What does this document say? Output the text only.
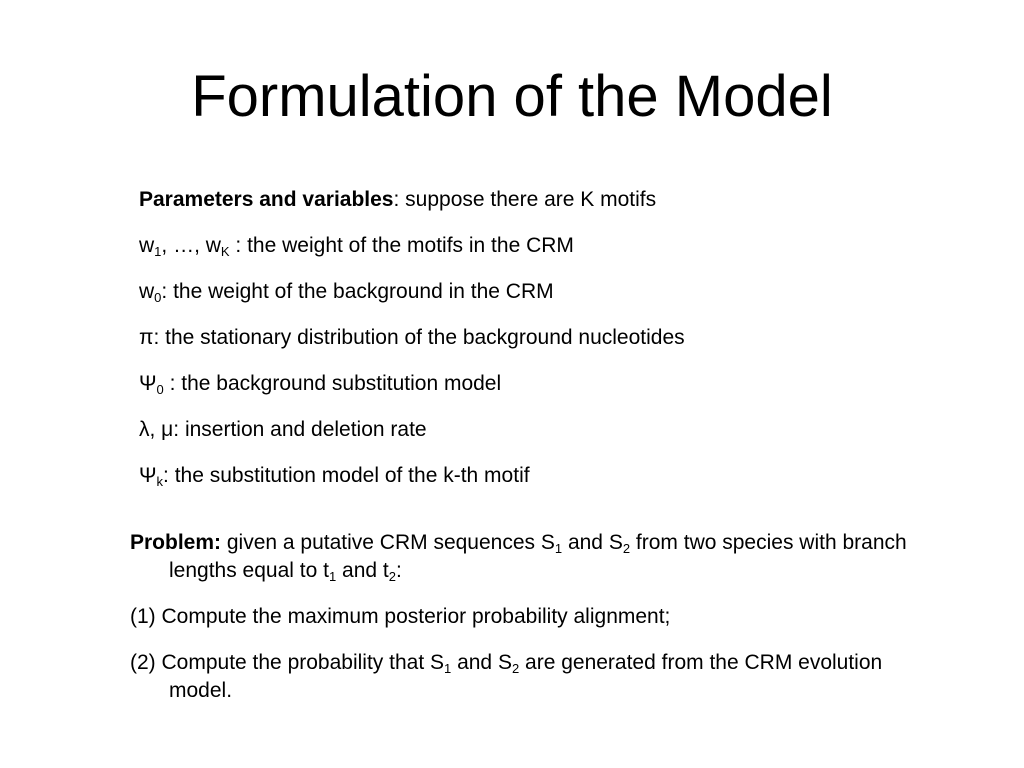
Formulation of the Model
Parameters and variables: suppose there are K motifs
$w_1$, …, $w_K$ : the weight of the motifs in the CRM
$w_0$: the weight of the background in the CRM
π: the stationary distribution of the background nucleotides
$\Psi_0$ : the background substitution model
λ, μ: insertion and deletion rate
$\Psi_k$: the substitution model of the k-th motif
Problem: given a putative CRM sequences $S_1$ and $S_2$ from two species with branch lengths equal to $t_1$ and $t_2$:
(1) Compute the maximum posterior probability alignment;
(2) Compute the probability that $S_1$ and $S_2$ are generated from the CRM evolution model.
